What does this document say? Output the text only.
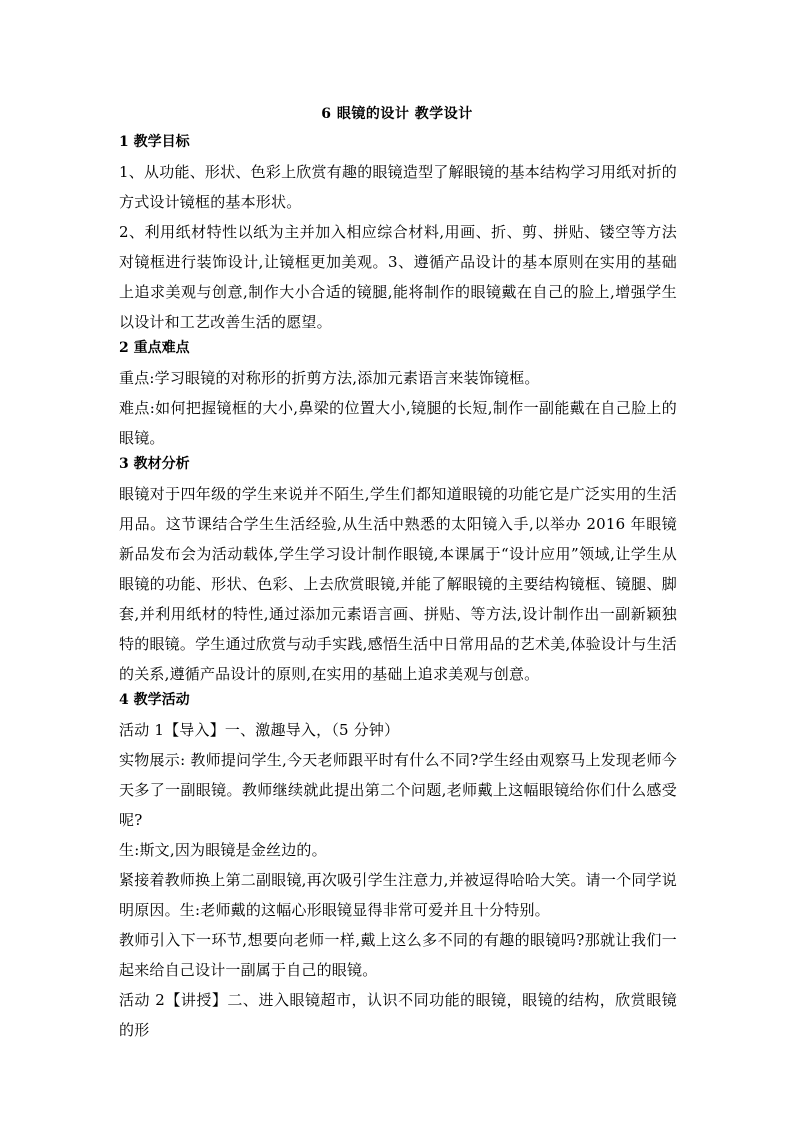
6 眼镜的设计 教学设计
1 教学目标

1、从功能、形状、色彩上欣赏有趣的眼镜造型了解眼镜的基本结构学习用纸对折的方式设计镜框的基本形状。

2、利用纸材特性以纸为主并加入相应综合材料,用画、折、剪、拼贴、镂空等方法对镜框进行装饰设计,让镜框更加美观。3、遵循产品设计的基本原则在实用的基础上追求美观与创意,制作大小合适的镜腿,能将制作的眼镜戴在自己的脸上,增强学生以设计和工艺改善生活的愿望。

2 重点难点

重点:学习眼镜的对称形的折剪方法,添加元素语言来装饰镜框。

难点:如何把握镜框的大小,鼻梁的位置大小,镜腿的长短,制作一副能戴在自己脸上的眼镜。

3 教材分析

眼镜对于四年级的学生来说并不陌生,学生们都知道眼镜的功能它是广泛实用的生活用品。这节课结合学生生活经验,从生活中熟悉的太阳镜入手,以举办 2016 年眼镜新品发布会为活动载体,学生学习设计制作眼镜,本课属于“设计应用”领域,让学生从眼镜的功能、形状、色彩、上去欣赏眼镜,并能了解眼镜的主要结构镜框、镜腿、脚套,并利用纸材的特性,通过添加元素语言画、拼贴、等方法,设计制作出一副新颖独特的眼镜。学生通过欣赏与动手实践,感悟生活中日常用品的艺术美,体验设计与生活的关系,遵循产品设计的原则,在实用的基础上追求美观与创意。

4 教学活动

活动 1【导入】一、激趣导入，（5 分钟）

实物展示: 教师提问学生,今天老师跟平时有什么不同?学生经由观察马上发现老师今天多了一副眼镜。教师继续就此提出第二个问题,老师戴上这幅眼镜给你们什么感受呢?

生:斯文,因为眼镜是金丝边的。

紧接着教师换上第二副眼镜,再次吸引学生注意力,并被逗得哈哈大笑。请一个同学说明原因。生:老师戴的这幅心形眼镜显得非常可爱并且十分特别。

教师引入下一环节,想要向老师一样,戴上这么多不同的有趣的眼镜吗?那就让我们一起来给自己设计一副属于自己的眼镜。

活动 2【讲授】二、进入眼镜超市，认识不同功能的眼镜，眼镜的结构，欣赏眼镜的形
